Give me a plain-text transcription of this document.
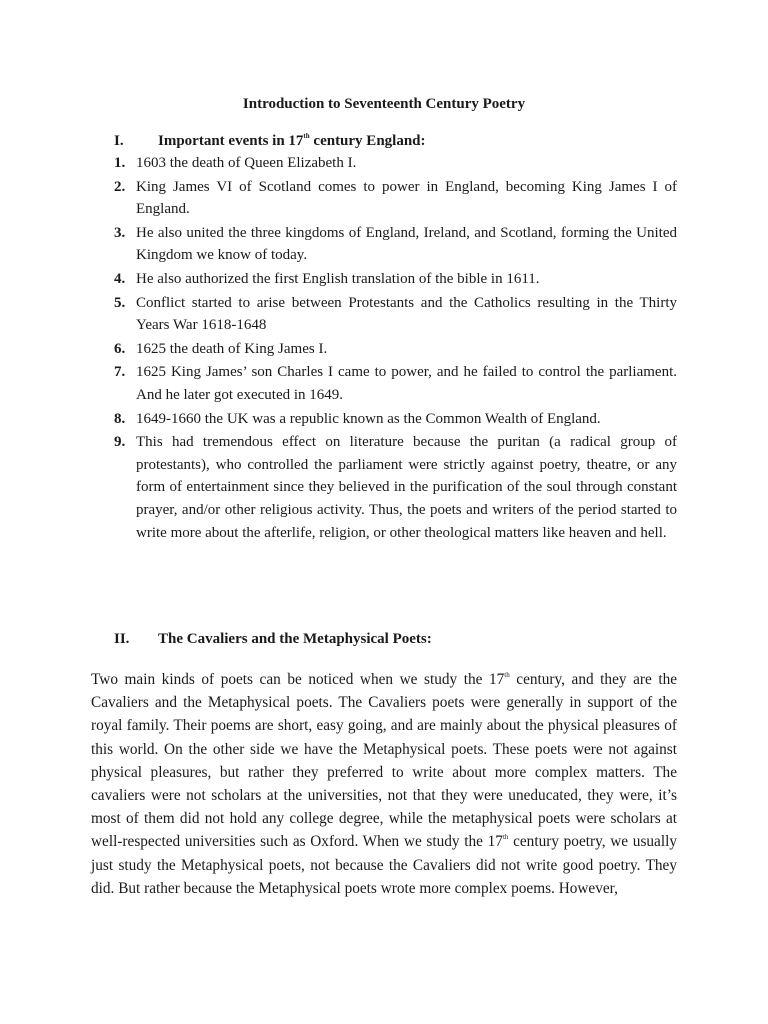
Introduction to Seventeenth Century Poetry
I. Important events in 17th century England:
1. 1603 the death of Queen Elizabeth I.
2. King James VI of Scotland comes to power in England, becoming King James I of England.
3. He also united the three kingdoms of England, Ireland, and Scotland, forming the United Kingdom we know of today.
4. He also authorized the first English translation of the bible in 1611.
5. Conflict started to arise between Protestants and the Catholics resulting in the Thirty Years War 1618-1648
6. 1625 the death of King James I.
7. 1625 King James’ son Charles I came to power, and he failed to control the parliament. And he later got executed in 1649.
8. 1649-1660 the UK was a republic known as the Common Wealth of England.
9. This had tremendous effect on literature because the puritan (a radical group of protestants), who controlled the parliament were strictly against poetry, theatre, or any form of entertainment since they believed in the purification of the soul through constant prayer, and/or other religious activity. Thus, the poets and writers of the period started to write more about the afterlife, religion, or other theological matters like heaven and hell.
II. The Cavaliers and the Metaphysical Poets:

Two main kinds of poets can be noticed when we study the 17th century, and they are the Cavaliers and the Metaphysical poets. The Cavaliers poets were generally in support of the royal family. Their poems are short, easy going, and are mainly about the physical pleasures of this world. On the other side we have the Metaphysical poets. These poets were not against physical pleasures, but rather they preferred to write about more complex matters. The cavaliers were not scholars at the universities, not that they were uneducated, they were, it’s most of them did not hold any college degree, while the metaphysical poets were scholars at well-respected universities such as Oxford. When we study the 17th century poetry, we usually just study the Metaphysical poets, not because the Cavaliers did not write good poetry. They did. But rather because the Metaphysical poets wrote more complex poems. However,
